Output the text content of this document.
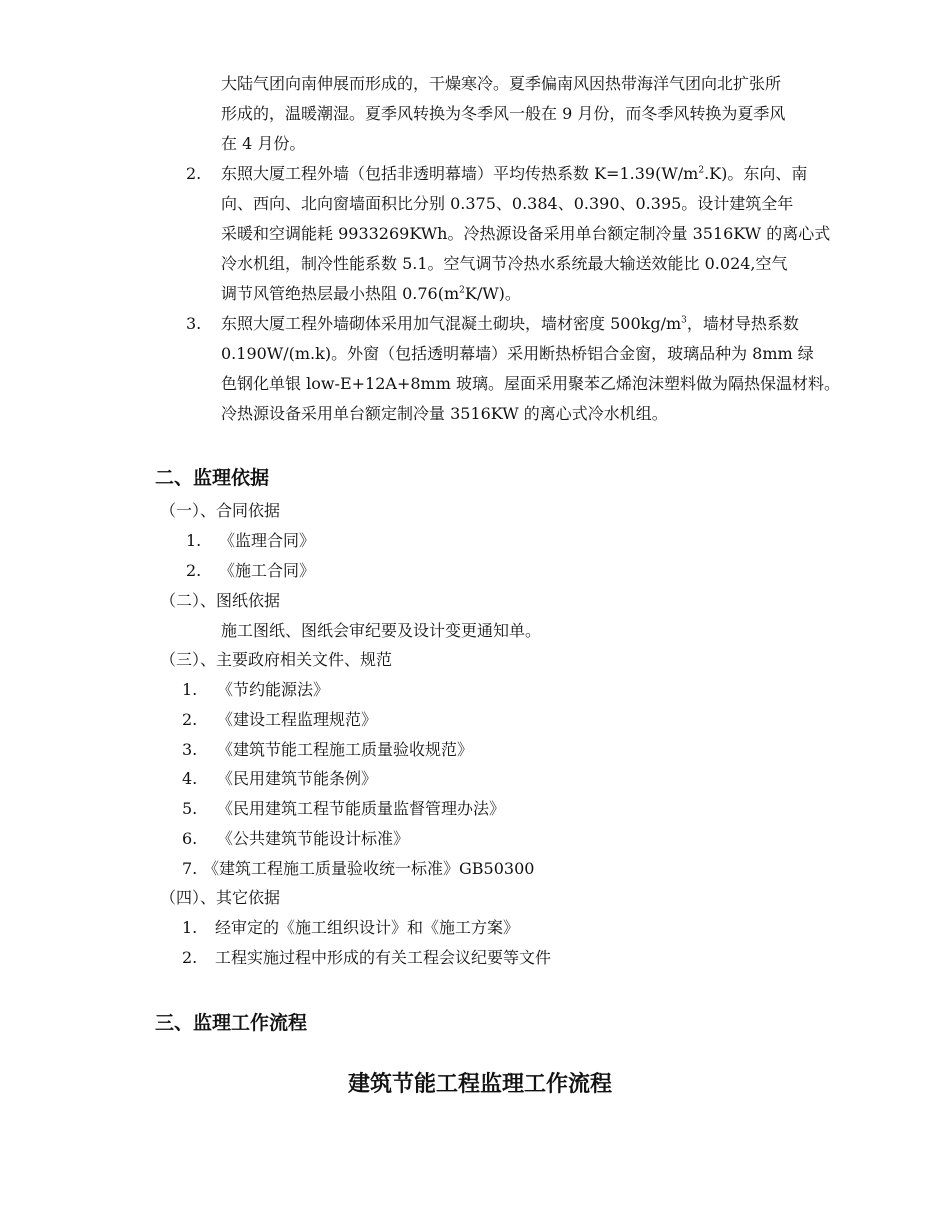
大陆气团向南伸展而形成的，干燥寒冷。夏季偏南风因热带海洋气团向北扩张所
形成的，温暖潮湿。夏季风转换为冬季风一般在 9 月份，而冬季风转换为夏季风
在 4 月份。
2. 东照大厦工程外墙（包括非透明幕墙）平均传热系数 $K=1.39(W/m^2.K)$。东向、南
向、西向、北向窗墙面积比分别 0.375、0.384、0.390、0.395。设计建筑全年
采暖和空调能耗 9933269KWh。冷热源设备采用单台额定制冷量 3516KW 的离心式
冷水机组，制冷性能系数 5.1。空气调节冷热水系统最大输送效能比 0.024,空气
调节风管绝热层最小热阻 $0.76(m^2K/W)$。
3. 东照大厦工程外墙砌体采用加气混凝土砌块，墙材密度 $500kg/m^3$，墙材导热系数
0.190W/(m.k)。外窗（包括透明幕墙）采用断热桥铝合金窗，玻璃品种为 8mm 绿
色钢化单银 low-E+12A+8mm 玻璃。屋面采用聚苯乙烯泡沫塑料做为隔热保温材料。
冷热源设备采用单台额定制冷量 3516KW 的离心式冷水机组。
二、监理依据
（一）、合同依据
1. 《监理合同》
2. 《施工合同》
（二）、图纸依据
施工图纸、图纸会审纪要及设计变更通知单。
（三）、主要政府相关文件、规范
1. 《节约能源法》
2. 《建设工程监理规范》
3. 《建筑节能工程施工质量验收规范》
4. 《民用建筑节能条例》
5. 《民用建筑工程节能质量监督管理办法》
6. 《公共建筑节能设计标准》
7. 《建筑工程施工质量验收统一标准》GB50300
（四）、其它依据
1. 经审定的《施工组织设计》和《施工方案》
2. 工程实施过程中形成的有关工程会议纪要等文件
三、监理工作流程
建筑节能工程监理工作流程
